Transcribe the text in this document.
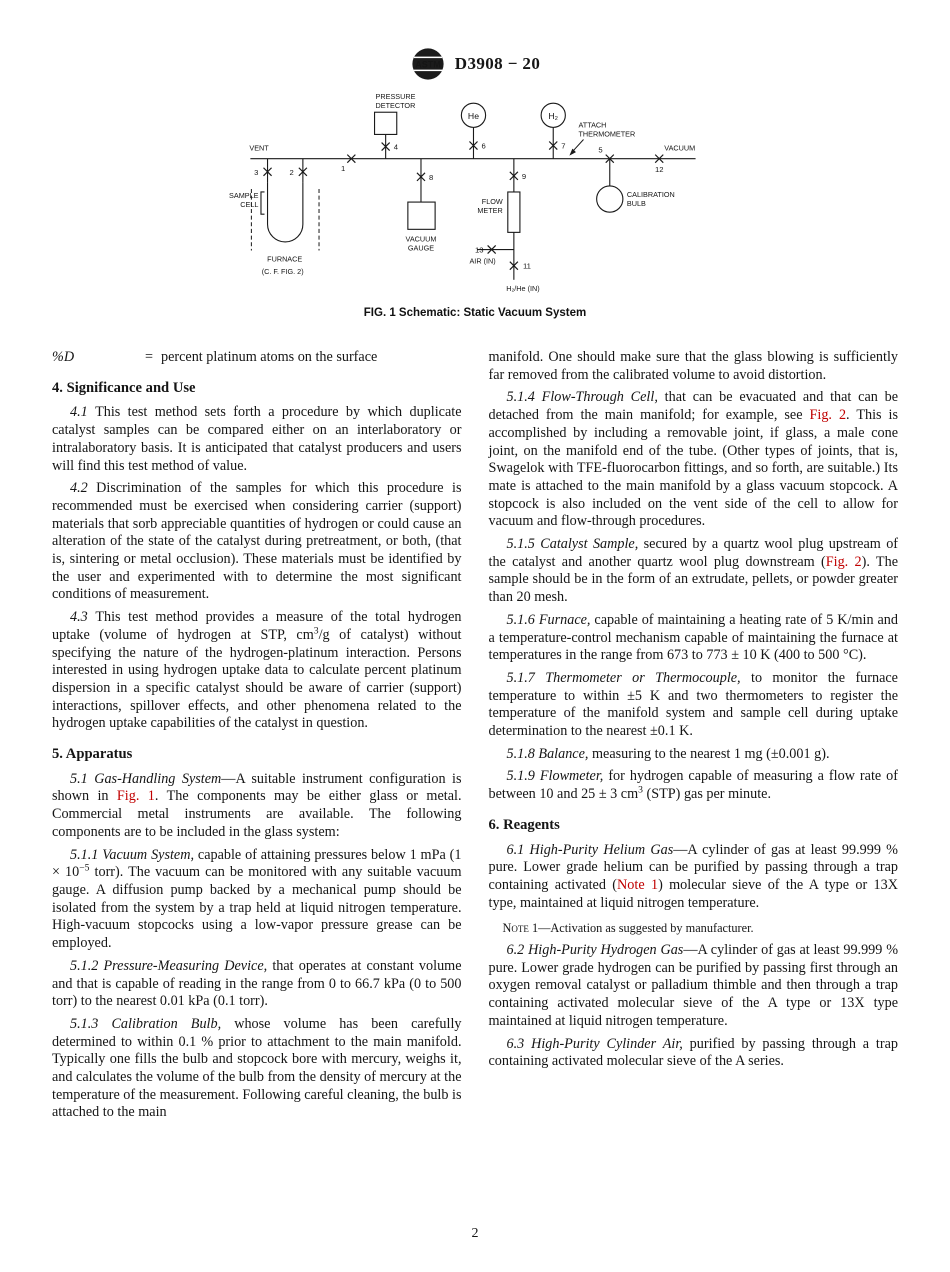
ASTM D3908 − 20
VENT	VACUUM
PRESSURE
DETECTOR
He	H₂
ATTACH
THERMOMETER
SAMPLE
CELL
FURNACE
(C. F. FIG. 2)
VACUUM
GAUGE
FLOW
METER
CALIBRATION
BULB
AIR (IN)
H₂/He (IN)
1
2
3
4	5
6	7
8	9
11
12
13
FIG. 1 Schematic: Static Vacuum System
%D	= percent platinum atoms on the surface
4. Significance and Use

4.1 This test method sets forth a procedure by which duplicate catalyst samples can be compared either on an interlaboratory or intralaboratory basis. It is anticipated that catalyst producers and users will find this test method of value.

4.2 Discrimination of the samples for which this procedure is recommended must be exercised when considering carrier (support) materials that sorb appreciable quantities of hydrogen or could cause an alteration of the state of the catalyst during pretreatment, or both, (that is, sintering or metal occlusion). These materials must be identified by the user and experimented with to determine the most significant conditions of measurement.

4.3 This test method provides a measure of the total hydrogen uptake (volume of hydrogen at STP, $cm^3/g$ of catalyst) without specifying the nature of the hydrogen-platinum interaction. Persons interested in using hydrogen uptake data to calculate percent platinum dispersion in a specific catalyst should be aware of carrier (support) interactions, spillover effects, and other phenomena related to the hydrogen uptake capabilities of the catalyst in question.

5. Apparatus

5.1 Gas-Handling System—A suitable instrument configuration is shown in Fig. 1. The components may be either glass or metal. Commercial metal instruments are available. The following components are to be included in the glass system:

5.1.1 Vacuum System, capable of attaining pressures below 1 mPa ($1 \times 10^{-5}$ torr). The vacuum can be monitored with any suitable vacuum gauge. A diffusion pump backed by a mechanical pump should be isolated from the system by a trap held at liquid nitrogen temperature. High-vacuum stopcocks using a low-vapor pressure grease can be employed.

5.1.2 Pressure-Measuring Device, that operates at constant volume and that is capable of reading in the range from 0 to 66.7 kPa (0 to 500 torr) to the nearest 0.01 kPa (0.1 torr).

5.1.3 Calibration Bulb, whose volume has been carefully determined to within 0.1 % prior to attachment to the main manifold. Typically one fills the bulb and stopcock bore with mercury, weighs it, and calculates the volume of the bulb from the density of mercury at the temperature of the measurement. Following careful cleaning, the bulb is attached to the main

manifold. One should make sure that the glass blowing is sufficiently far removed from the calibrated volume to avoid distortion.

5.1.4 Flow-Through Cell, that can be evacuated and that can be detached from the main manifold; for example, see Fig. 2. This is accomplished by including a removable joint, if glass, a male cone joint, on the manifold end of the tube. (Other types of joints, that is, Swagelok with TFE-fluorocarbon fittings, and so forth, are suitable.) Its mate is attached to the main manifold by a glass vacuum stopcock. A stopcock is also included on the vent side of the cell to allow for vacuum and flow-through procedures.

5.1.5 Catalyst Sample, secured by a quartz wool plug upstream of the catalyst and another quartz wool plug downstream (Fig. 2). The sample should be in the form of an extrudate, pellets, or powder greater than 20 mesh.

5.1.6 Furnace, capable of maintaining a heating rate of 5 K/min and a temperature-control mechanism capable of maintaining the furnace at temperatures in the range from 673 to 773 ± 10 K (400 to 500 °C).

5.1.7 Thermometer or Thermocouple, to monitor the furnace temperature to within ±5 K and two thermometers to register the temperature of the manifold system and sample cell during uptake determination to the nearest ±0.1 K.

5.1.8 Balance, measuring to the nearest 1 mg (±0.001 g).

5.1.9 Flowmeter, for hydrogen capable of measuring a flow rate of between 10 and 25 ± 3 $cm^3$ (STP) gas per minute.

6. Reagents

6.1 High-Purity Helium Gas—A cylinder of gas at least 99.999 % pure. Lower grade helium can be purified by passing through a trap containing activated (Note 1) molecular sieve of the A type or 13X type, maintained at liquid nitrogen temperature.

Note 1—Activation as suggested by manufacturer.

6.2 High-Purity Hydrogen Gas—A cylinder of gas at least 99.999 % pure. Lower grade hydrogen can be purified by passing first through an oxygen removal catalyst or palladium thimble and then through a trap containing activated molecular sieve of the A type or 13X type maintained at liquid nitrogen temperature.

6.3 High-Purity Cylinder Air, purified by passing through a trap containing activated molecular sieve of the A series.

2
